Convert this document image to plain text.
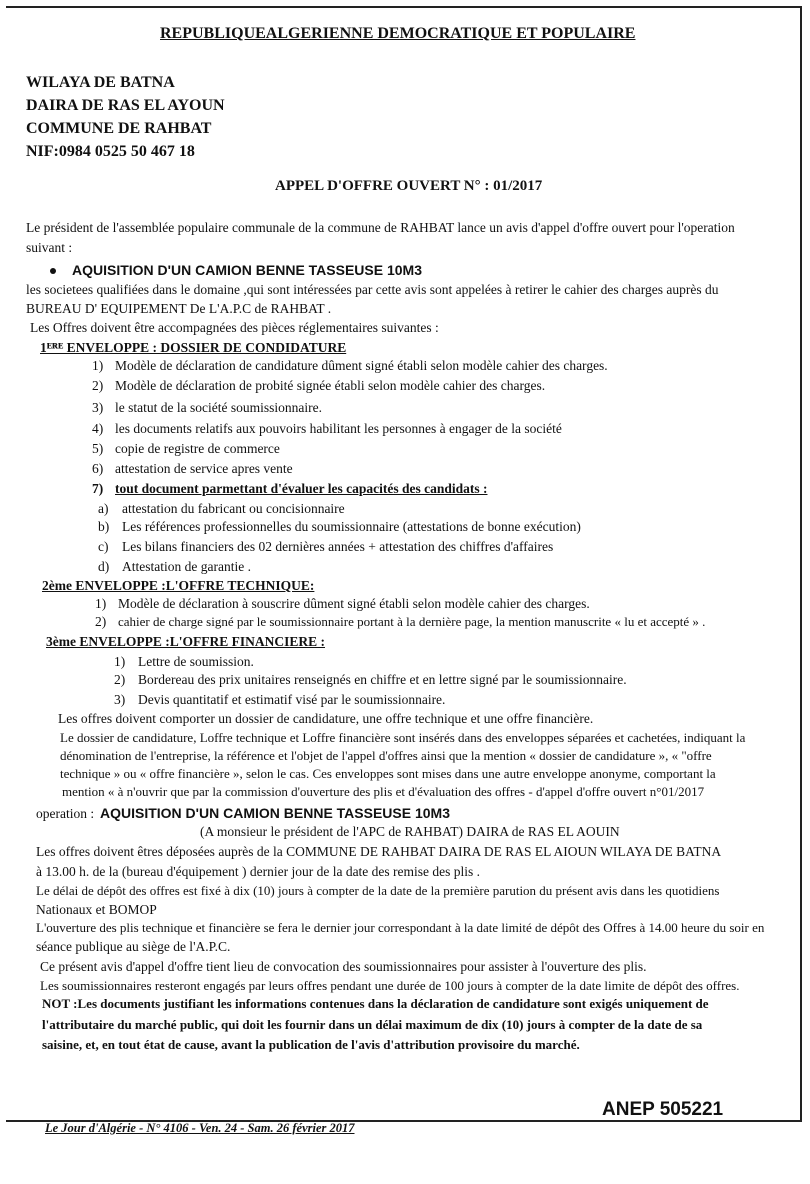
REPUBLIQUEALGERIENNE DEMOCRATIQUE ET POPULAIRE
WILAYA DE BATNA
DAIRA DE RAS EL AYOUN
COMMUNE DE RAHBAT
NIF:0984 0525 50 467 18
APPEL D'OFFRE OUVERT N° : 01/2017
Le président de l'assemblée populaire communale de la commune de RAHBAT lance un avis d'appel d'offre ouvert pour l'operation
suivant :
AQUISITION D'UN CAMION BENNE TASSEUSE 10M3
les societees qualifiées dans le domaine ,qui sont intéressées par cette avis sont appelées à retirer le cahier des charges auprès du
BUREAU D' EQUIPEMENT De L'A.P.C de RAHBAT .
Les Offres doivent être accompagnées des pièces réglementaires suivantes :
1ᴱᴿᴱ ENVELOPPE : DOSSIER DE CONDIDATURE
1) Modèle de déclaration de candidature dûment signé établi selon modèle cahier des charges.
2) Modèle de déclaration de probité signée établi selon modèle cahier des charges.
3) le statut de la société soumissionnaire.
4) les documents relatifs aux pouvoirs habilitant les personnes à engager de la société
5) copie de registre de commerce
6) attestation de service apres vente
7) tout document parmettant d'évaluer les capacités des candidats :
a) attestation du fabricant ou concisionnaire
b) Les références professionnelles du soumissionnaire (attestations de bonne exécution)
c) Les bilans financiers des 02 dernières années + attestation des chiffres d'affaires
d) Attestation de garantie .
2ème ENVELOPPE :L'OFFRE TECHNIQUE:
1) Modèle de déclaration à souscrire dûment signé établi selon modèle cahier des charges.
2) cahier de charge signé par le soumissionnaire portant à la dernière page, la mention manuscrite « lu et accepté » .
3ème ENVELOPPE :L'OFFRE FINANCIERE :
1) Lettre de soumission.
2) Bordereau des prix unitaires renseignés en chiffre et en lettre signé par le soumissionnaire.
3) Devis quantitatif et estimatif visé par le soumissionnaire.
Les offres doivent comporter un dossier de candidature, une offre technique et une offre financière.
Le dossier de candidature, Loffre technique et Loffre financière sont insérés dans des enveloppes séparées et cachetées, indiquant la
dénomination de l'entreprise, la référence et l'objet de l'appel d'offres ainsi que la mention « dossier de candidature », « "offre
technique » ou « offre financière », selon le cas. Ces enveloppes sont mises dans une autre enveloppe anonyme, comportant la
mention « à n'ouvrir que par la commission d'ouverture des plis et d'évaluation des offres - d'appel d'offre ouvert n°01/2017
operation : AQUISITION D'UN CAMION BENNE TASSEUSE 10M3
(A monsieur le président de l'APC de RAHBAT) DAIRA de RAS EL AOUIN
Les offres doivent êtres déposées auprès de la COMMUNE DE RAHBAT DAIRA DE RAS EL AIOUN WILAYA DE BATNA
à 13.00 h. de la (bureau d'équipement ) dernier jour de la date des remise des plis .
Le délai de dépôt des offres est fixé à dix (10) jours à compter de la date de la première parution du présent avis dans les quotidiens
Nationaux et BOMOP
L'ouverture des plis technique et financière se fera le dernier jour correspondant à la date limité de dépôt des Offres à 14.00 heure du soir en
séance publique au siège de l'A.P.C.
Ce présent avis d'appel d'offre tient lieu de convocation des soumissionnaires pour assister à l'ouverture des plis.
Les soumissionnaires resteront engagés par leurs offres pendant une durée de 100 jours à compter de la date limite de dépôt des offres.
NOT :Les documents justifiant les informations contenues dans la déclaration de candidature sont exigés uniquement de
l'attributaire du marché public, qui doit les fournir dans un délai maximum de dix (10) jours à compter de la date de sa
saisine, et, en tout état de cause, avant la publication de l'avis d'attribution provisoire du marché.
ANEP 505221
Le Jour d'Algérie - N° 4106 - Ven. 24 - Sam. 26 février 2017
